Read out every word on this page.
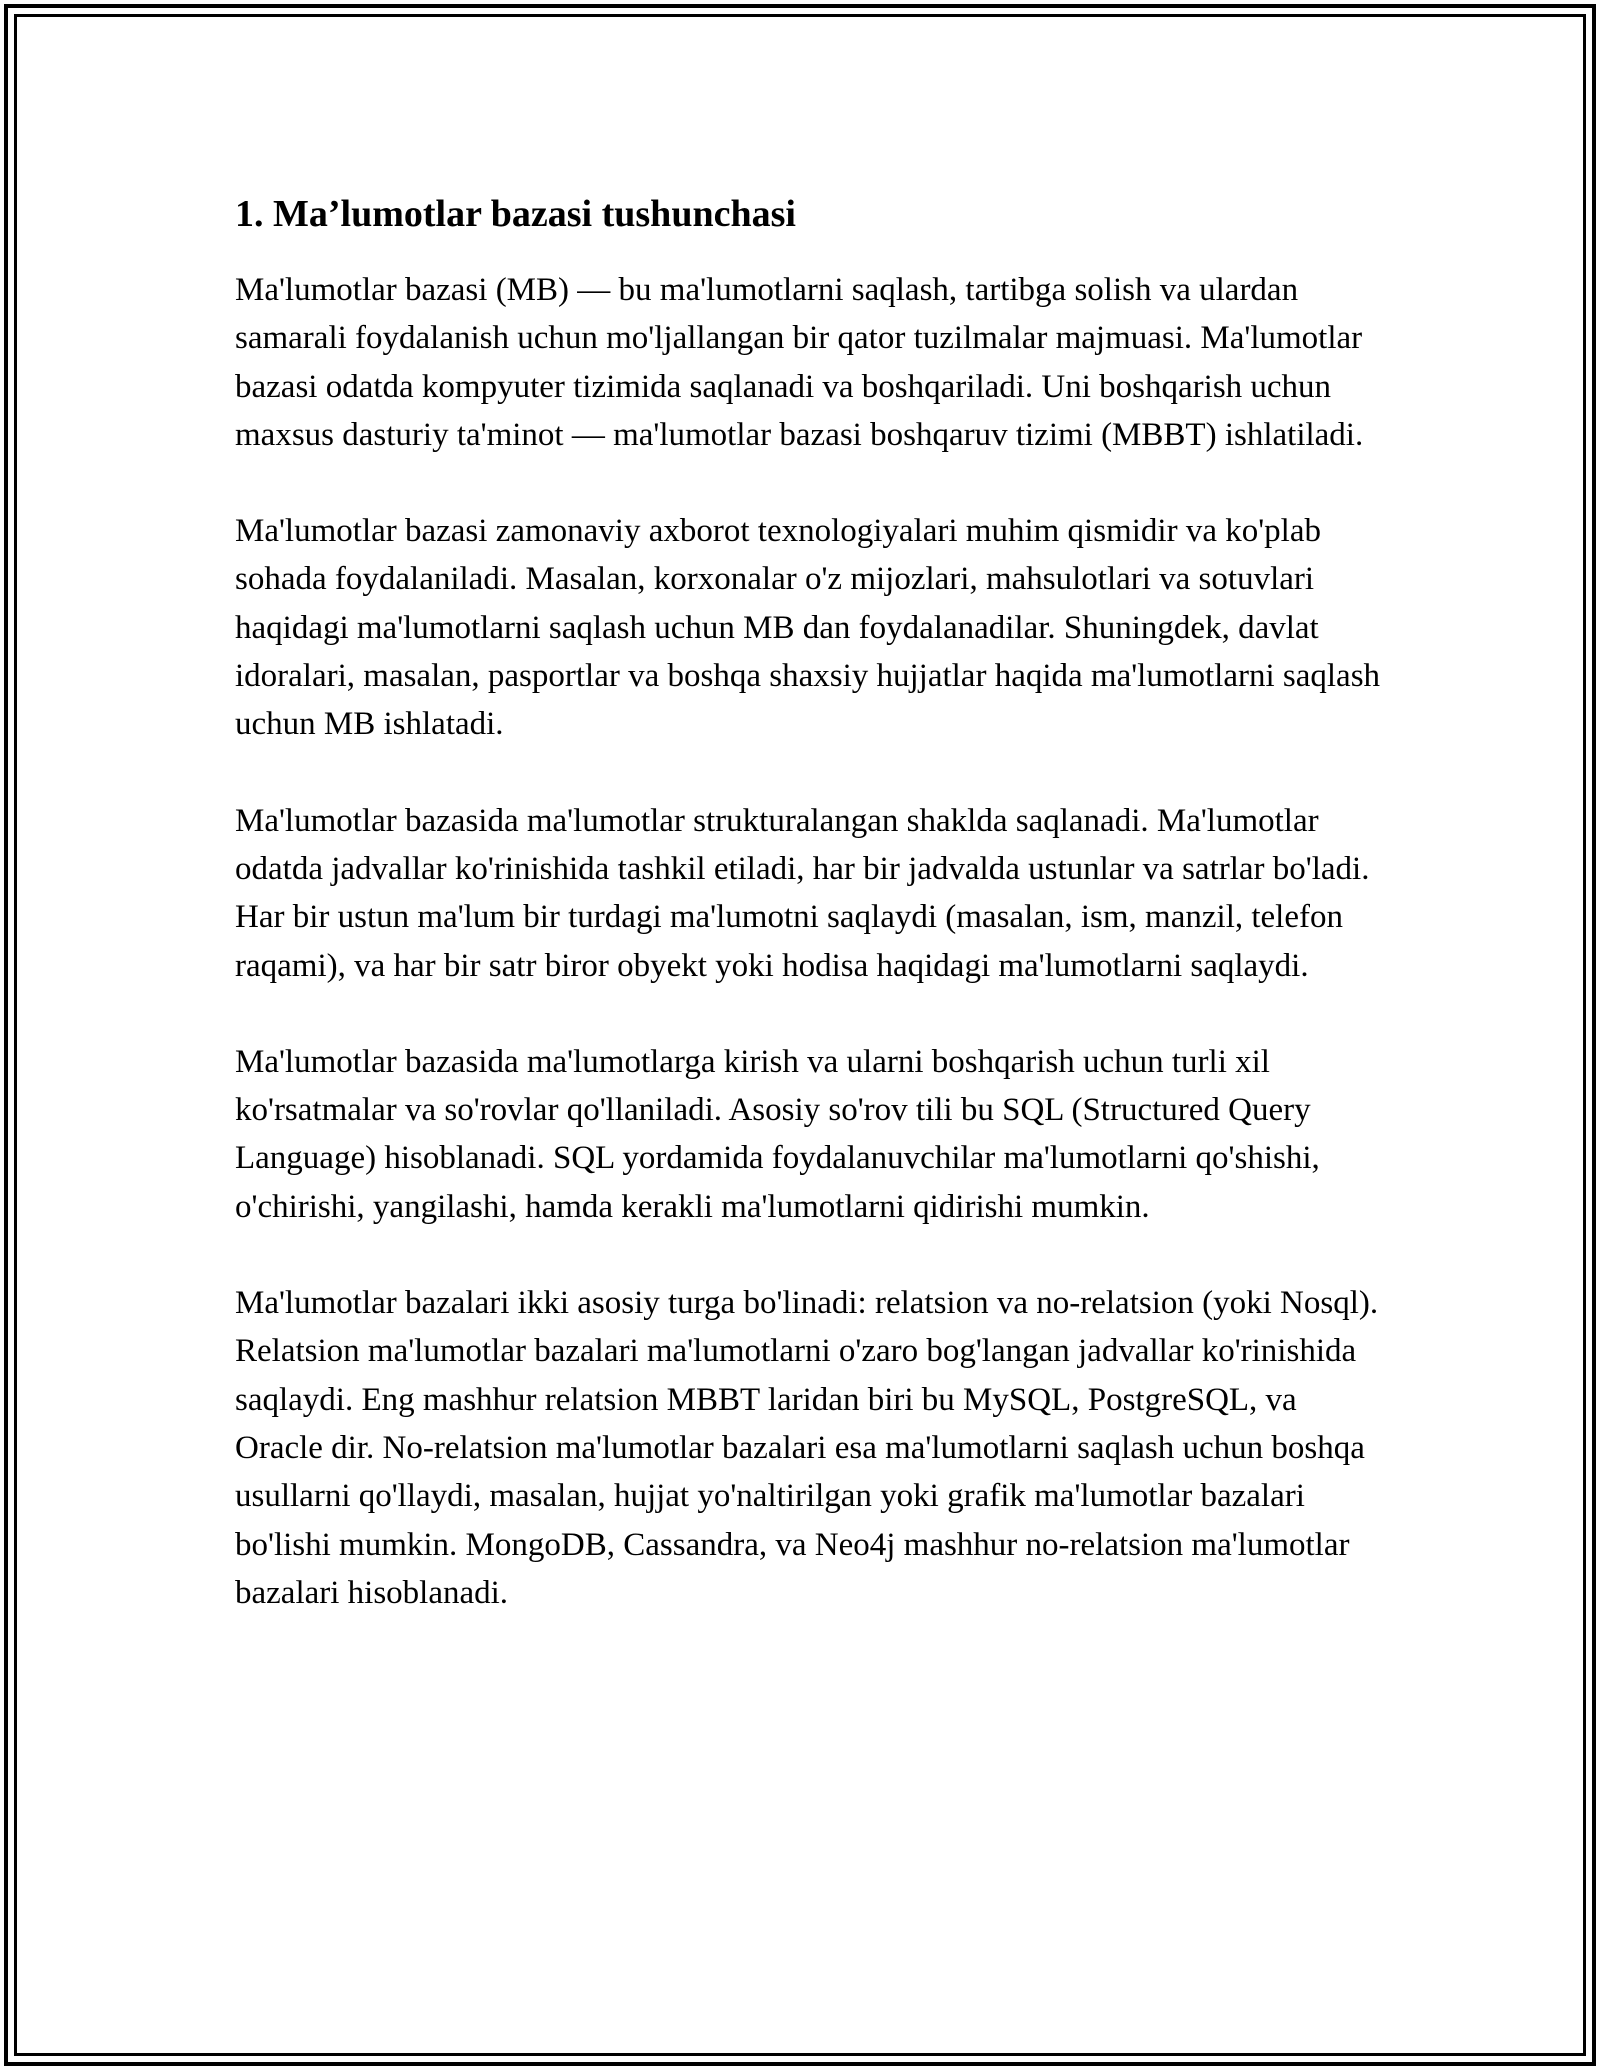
1. Ma’lumotlar bazasi tushunchasi

Ma'lumotlar bazasi (MB) — bu ma'lumotlarni saqlash, tartibga solish va ulardan samarali foydalanish uchun mo'ljallangan bir qator tuzilmalar majmuasi. Ma'lumotlar bazasi odatda kompyuter tizimida saqlanadi va boshqariladi. Uni boshqarish uchun maxsus dasturiy ta'minot — ma'lumotlar bazasi boshqaruv tizimi (MBBT) ishlatiladi.

Ma'lumotlar bazasi zamonaviy axborot texnologiyalari muhim qismidir va ko'plab sohada foydalaniladi. Masalan, korxonalar o'z mijozlari, mahsulotlari va sotuvlari haqidagi ma'lumotlarni saqlash uchun MB dan foydalanadilar. Shuningdek, davlat idoralari, masalan, pasportlar va boshqa shaxsiy hujjatlar haqida ma'lumotlarni saqlash uchun MB ishlatadi.

Ma'lumotlar bazasida ma'lumotlar strukturalangan shaklda saqlanadi. Ma'lumotlar odatda jadvallar ko'rinishida tashkil etiladi, har bir jadvalda ustunlar va satrlar bo'ladi. Har bir ustun ma'lum bir turdagi ma'lumotni saqlaydi (masalan, ism, manzil, telefon raqami), va har bir satr biror obyekt yoki hodisa haqidagi ma'lumotlarni saqlaydi.

Ma'lumotlar bazasida ma'lumotlarga kirish va ularni boshqarish uchun turli xil ko'rsatmalar va so'rovlar qo'llaniladi. Asosiy so'rov tili bu SQL (Structured Query Language) hisoblanadi. SQL yordamida foydalanuvchilar ma'lumotlarni qo'shishi, o'chirishi, yangilashi, hamda kerakli ma'lumotlarni qidirishi mumkin.

Ma'lumotlar bazalari ikki asosiy turga bo'linadi: relatsion va no-relatsion (yoki Nosql). Relatsion ma'lumotlar bazalari ma'lumotlarni o'zaro bog'langan jadvallar ko'rinishida saqlaydi. Eng mashhur relatsion MBBT laridan biri bu MySQL, PostgreSQL, va Oracle dir. No-relatsion ma'lumotlar bazalari esa ma'lumotlarni saqlash uchun boshqa usullarni qo'llaydi, masalan, hujjat yo'naltirilgan yoki grafik ma'lumotlar bazalari bo'lishi mumkin. MongoDB, Cassandra, va Neo4j mashhur no-relatsion ma'lumotlar bazalari hisoblanadi.
